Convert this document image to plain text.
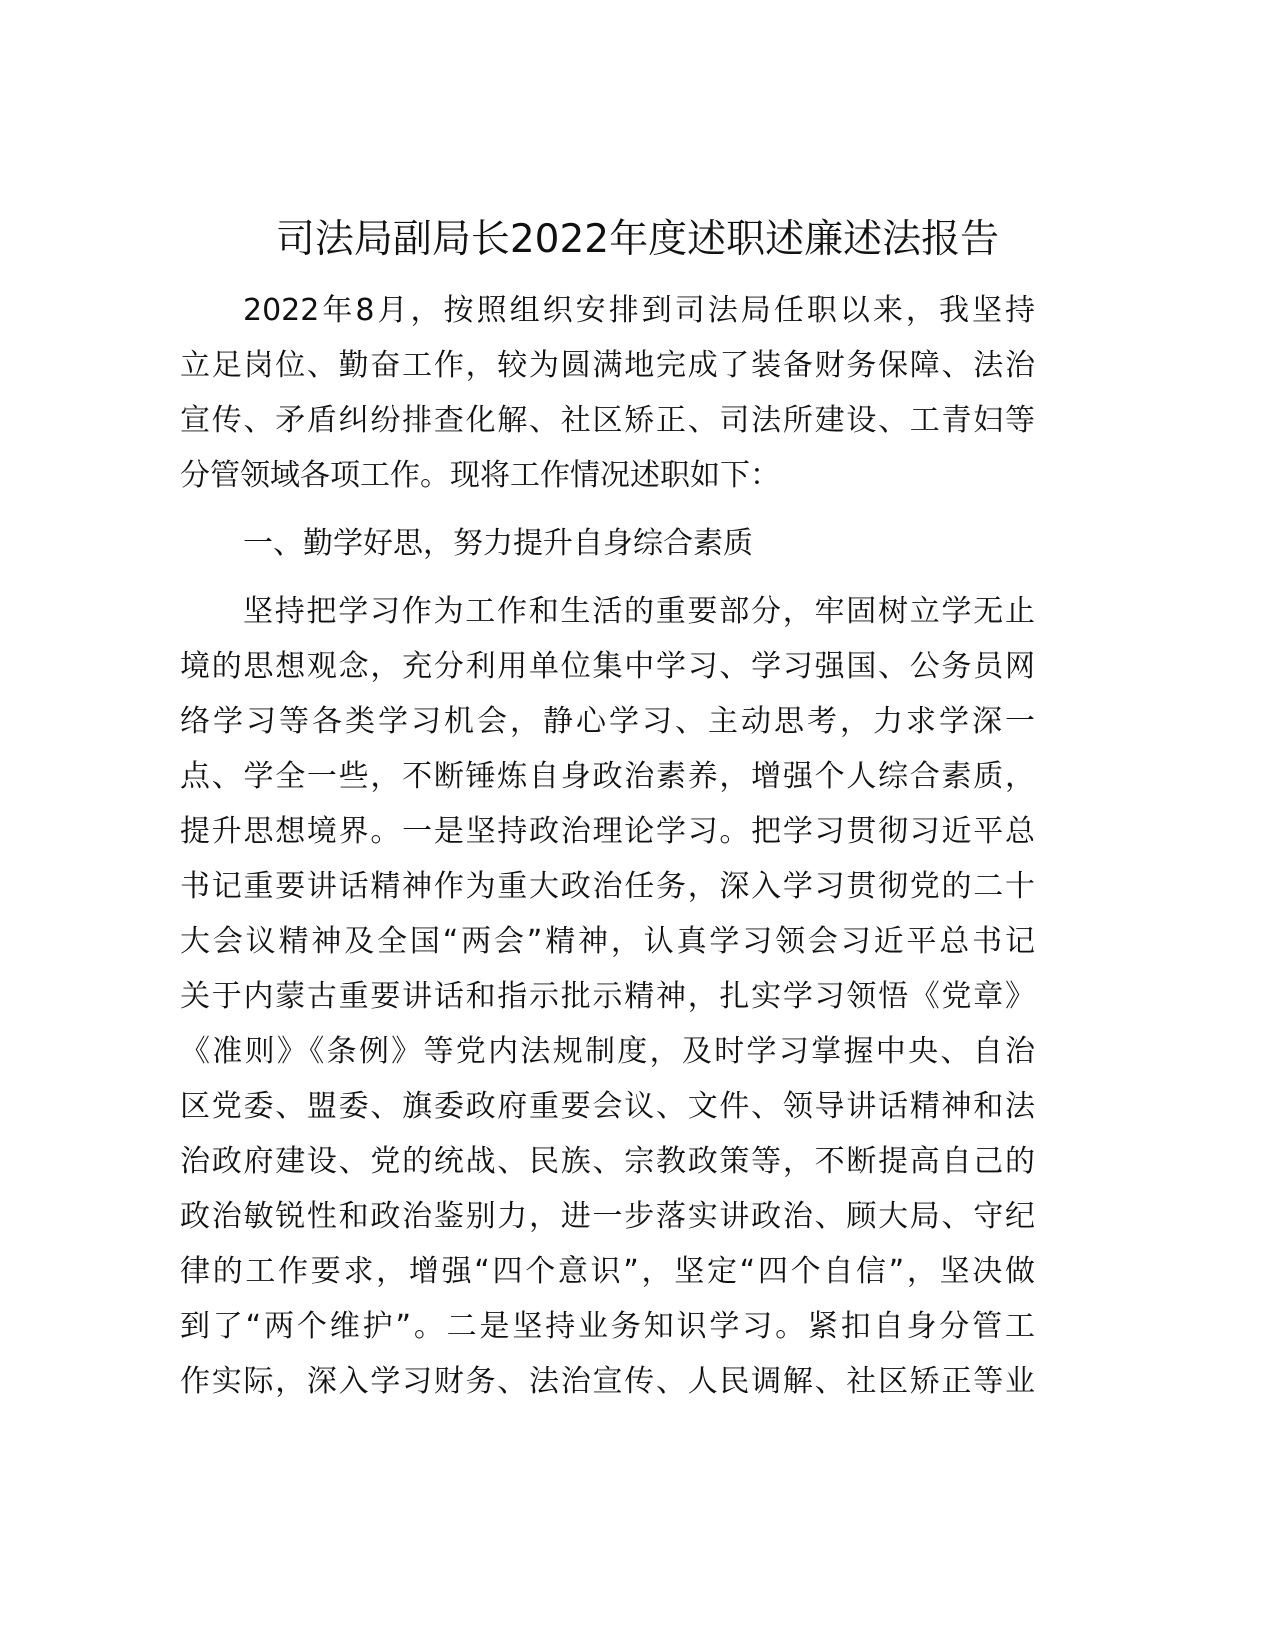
司法局副局长2022年度述职述廉述法报告
2022年8月，按照组织安排到司法局任职以来，我坚持
立足岗位、勤奋工作，较为圆满地完成了装备财务保障、法治
宣传、矛盾纠纷排查化解、社区矫正、司法所建设、工青妇等
分管领域各项工作。现将工作情况述职如下：
一、勤学好思，努力提升自身综合素质
坚持把学习作为工作和生活的重要部分，牢固树立学无止
境的思想观念，充分利用单位集中学习、学习强国、公务员网
络学习等各类学习机会，静心学习、主动思考，力求学深一
点、学全一些，不断锤炼自身政治素养，增强个人综合素质，
提升思想境界。一是坚持政治理论学习。把学习贯彻习近平总
书记重要讲话精神作为重大政治任务，深入学习贯彻党的二十
大会议精神及全国“两会”精神，认真学习领会习近平总书记
关于内蒙古重要讲话和指示批示精神，扎实学习领悟《党章》
《准则》《条例》等党内法规制度，及时学习掌握中央、自治
区党委、盟委、旗委政府重要会议、文件、领导讲话精神和法
治政府建设、党的统战、民族、宗教政策等，不断提高自己的
政治敏锐性和政治鉴别力，进一步落实讲政治、顾大局、守纪
律的工作要求，增强“四个意识”，坚定“四个自信”，坚决做
到了“两个维护”。二是坚持业务知识学习。紧扣自身分管工
作实际，深入学习财务、法治宣传、人民调解、社区矫正等业
